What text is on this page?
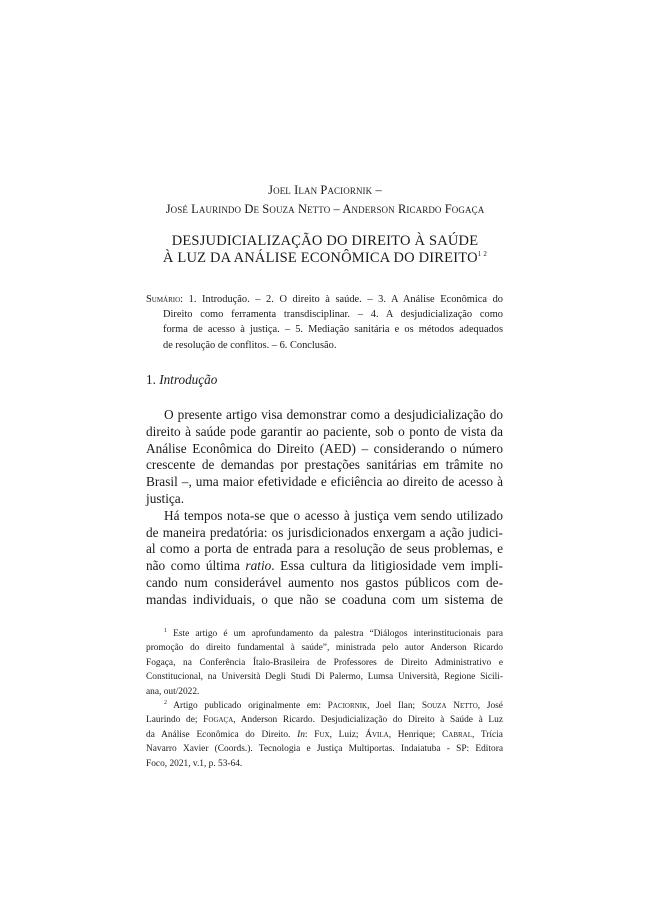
Joel Ilan Paciornik –
José Laurindo De Souza Netto – Anderson Ricardo Fogaça
DESJUDICIALIZAÇÃO DO DIREITO À SAÚDE
À LUZ DA ANÁLISE ECONÔMICA DO $DIREITO^{1 2}$
Sumário: 1. Introdução. – 2. O direito à saúde. – 3. A Análise Econômica do
Direito como ferramenta transdisciplinar. – 4. A desjudicialização como
forma de acesso à justiça. – 5. Mediação sanitária e os métodos adequados
de resolução de conflitos. – 6. Conclusão.
1. Introdução
O presente artigo visa demonstrar como a desjudicialização do
direito à saúde pode garantir ao paciente, sob o ponto de vista da
Análise Econômica do Direito (AED) – considerando o número
crescente de demandas por prestações sanitárias em trâmite no
Brasil –, uma maior efetividade e eficiência ao direito de acesso à
justiça.
Há tempos nota-se que o acesso à justiça vem sendo utilizado
de maneira predatória: os jurisdicionados enxergam a ação judici-
al como a porta de entrada para a resolução de seus problemas, e
não como última ratio. Essa cultura da litigiosidade vem impli-
cando num considerável aumento nos gastos públicos com de-
mandas individuais, o que não se coaduna com um sistema de
$^1$ Este artigo é um aprofundamento da palestra “Diálogos interinstitucionais para
promoção do direito fundamental à saúde”, ministrada pelo autor Anderson Ricardo
Fogaça, na Conferência Ítalo-Brasileira de Professores de Direito Administrativo e
Constitucional, na Università Degli Studi Di Palermo, Lumsa Università, Regione Sicili-
ana, out/2022.
$^2$ Artigo publicado originalmente em: Paciornik, Joel Ilan; Souza Netto, José
Laurindo de; Fogaça, Anderson Ricardo. Desjudicialização do Direito à Saúde à Luz
da Análise Econômica do Direito. In: Fux, Luiz; Ávila, Henrique; Cabral, Trícia
Navarro Xavier (Coords.). Tecnologia e Justiça Multiportas. Indaiatuba - SP: Editora
Foco, 2021, v.1, p. 53-64.
